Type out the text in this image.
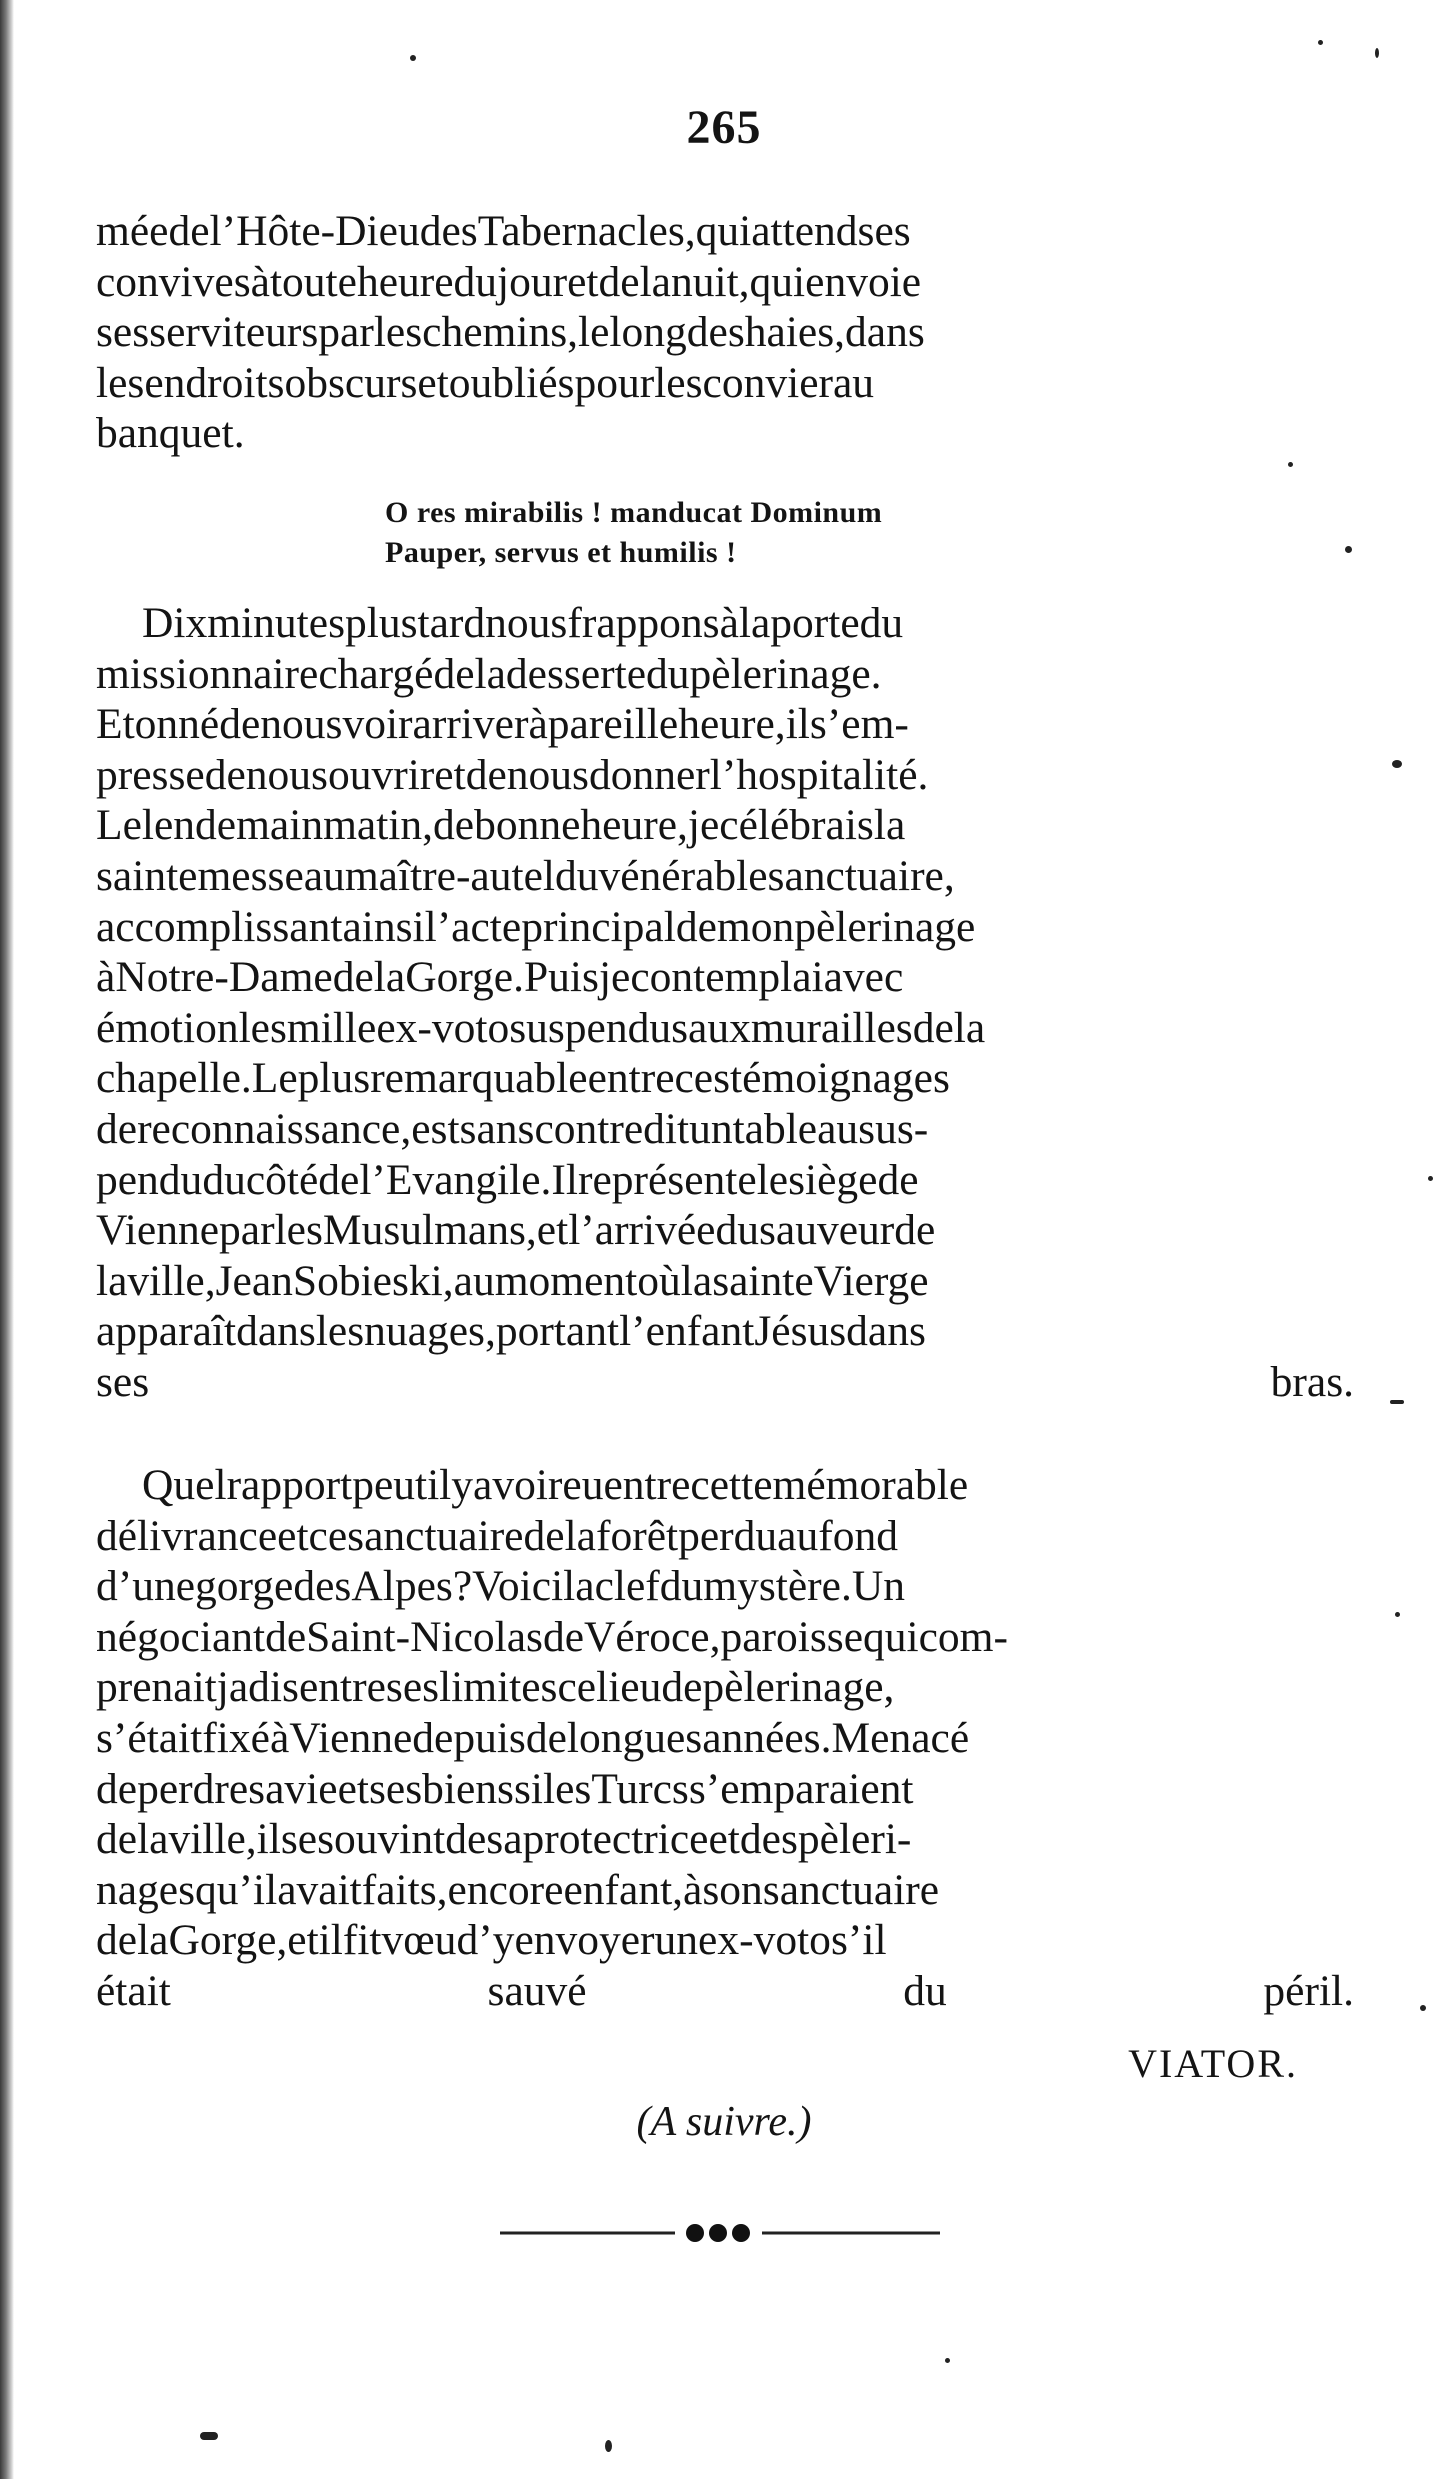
265
méedel’Hôte-DieudesTabernacles,quiattendses
convivesàtouteheuredujouretdelanuit,quienvoie
sesserviteursparleschemins,lelongdeshaies,dans
lesendroitsobscursetoubliéspourlesconvierau
banquet.
O res mirabilis ! manducat Dominum
Pauper, servus et humilis !
Dixminutesplustardnousfrapponsàlaportedu
missionnairechargédeladessertedupèlerinage.
Etonnédenousvoirarriveràpareilleheure,ils’em-
pressedenousouvriretdenousdonnerl’hospitalité.
Lelendemainmatin,debonneheure,jecélébraisla
saintemesseaumaître-autelduvénérablesanctuaire,
accomplissantainsil’acteprincipaldemonpèlerinage
àNotre-DamedelaGorge.Puisjecontemplaiavec
émotionlesmilleex-votosuspendusauxmuraillesdela
chapelle.Leplusremarquableentrecestémoignages
dereconnaissance,estsanscontredituntableausus-
penduducôtédel’Evangile.Ilreprésentelesiègede
VienneparlesMusulmans,etl’arrivéedusauveurde
laville,JeanSobieski,aumomentoùlasainteVierge
apparaîtdanslesnuages,portantl’enfantJésusdans
ses bras.
Quelrapportpeutilyavoireuentrecettemémorable
délivranceetcesanctuairedelaforêtperduaufond
d’unegorgedesAlpes?Voicilaclefdumystère.Un
négociantdeSaint-NicolasdeVéroce,paroissequicom-
prenaitjadisentreseslimitescelieudepèlerinage,
s’étaitfixéàViennedepuisdelonguesannées.Menacé
deperdresavieetsesbienssilesTurcss’emparaient
delaville,ilsesouvintdesaprotectriceetdespèleri-
nagesqu’ilavaitfaits,encoreenfant,àsonsanctuaire
delaGorge,etilfitvœud’yenvoyerunex-votos’il
était sauvé du péril.
VIATOR.
(A suivre.)
